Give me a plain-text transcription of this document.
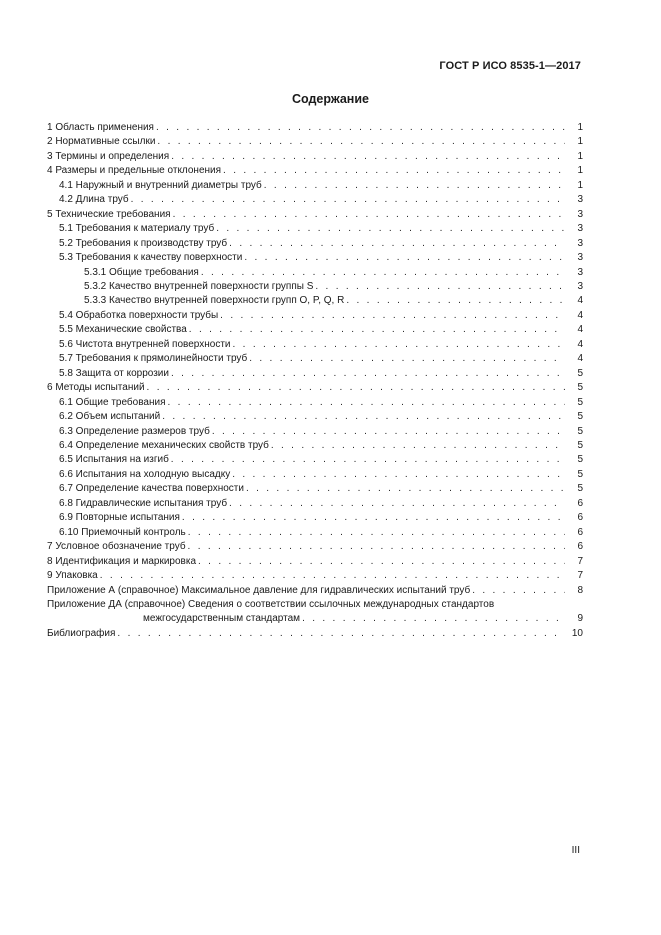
ГОСТ Р ИСО 8535-1—2017
Содержание
1 Область применения . . .	1
2 Нормативные ссылки . . .	1
3 Термины и определения . . .	1
4 Размеры и предельные отклонения . . .	1
4.1 Наружный и внутренний диаметры труб . . .	1
4.2 Длина труб . . .	3
5 Технические требования . . .	3
5.1 Требования к материалу труб . . .	3
5.2 Требования к производству труб . . .	3
5.3 Требования к качеству поверхности . . .	3
5.3.1 Общие требования . . .	3
5.3.2 Качество внутренней поверхности группы S . . .	3
5.3.3 Качество внутренней поверхности групп O, P, Q, R . . .	4
5.4 Обработка поверхности трубы . . .	4
5.5 Механические свойства . . .	4
5.6 Чистота внутренней поверхности . . .	4
5.7 Требования к прямолинейности труб . . .	4
5.8 Защита от коррозии . . .	5
6 Методы испытаний . . .	5
6.1 Общие требования . . .	5
6.2 Объем испытаний . . .	5
6.3 Определение размеров труб . . .	5
6.4 Определение механических свойств труб . . .	5
6.5 Испытания на изгиб . . .	5
6.6 Испытания на холодную высадку . . .	5
6.7 Определение качества поверхности . . .	5
6.8 Гидравлические испытания труб . . .	6
6.9 Повторные испытания . . .	6
6.10 Приемочный контроль . . .	6
7 Условное обозначение труб . . .	6
8 Идентификация и маркировка . . .	7
9 Упаковка . . .	7
Приложение А (справочное) Максимальное давление для гидравлических испытаний труб . . .	8
Приложение ДА (справочное) Сведения о соответствии ссылочных международных стандартов
межгосударственным стандартам . . .	9
Библиография . . .	10
III
